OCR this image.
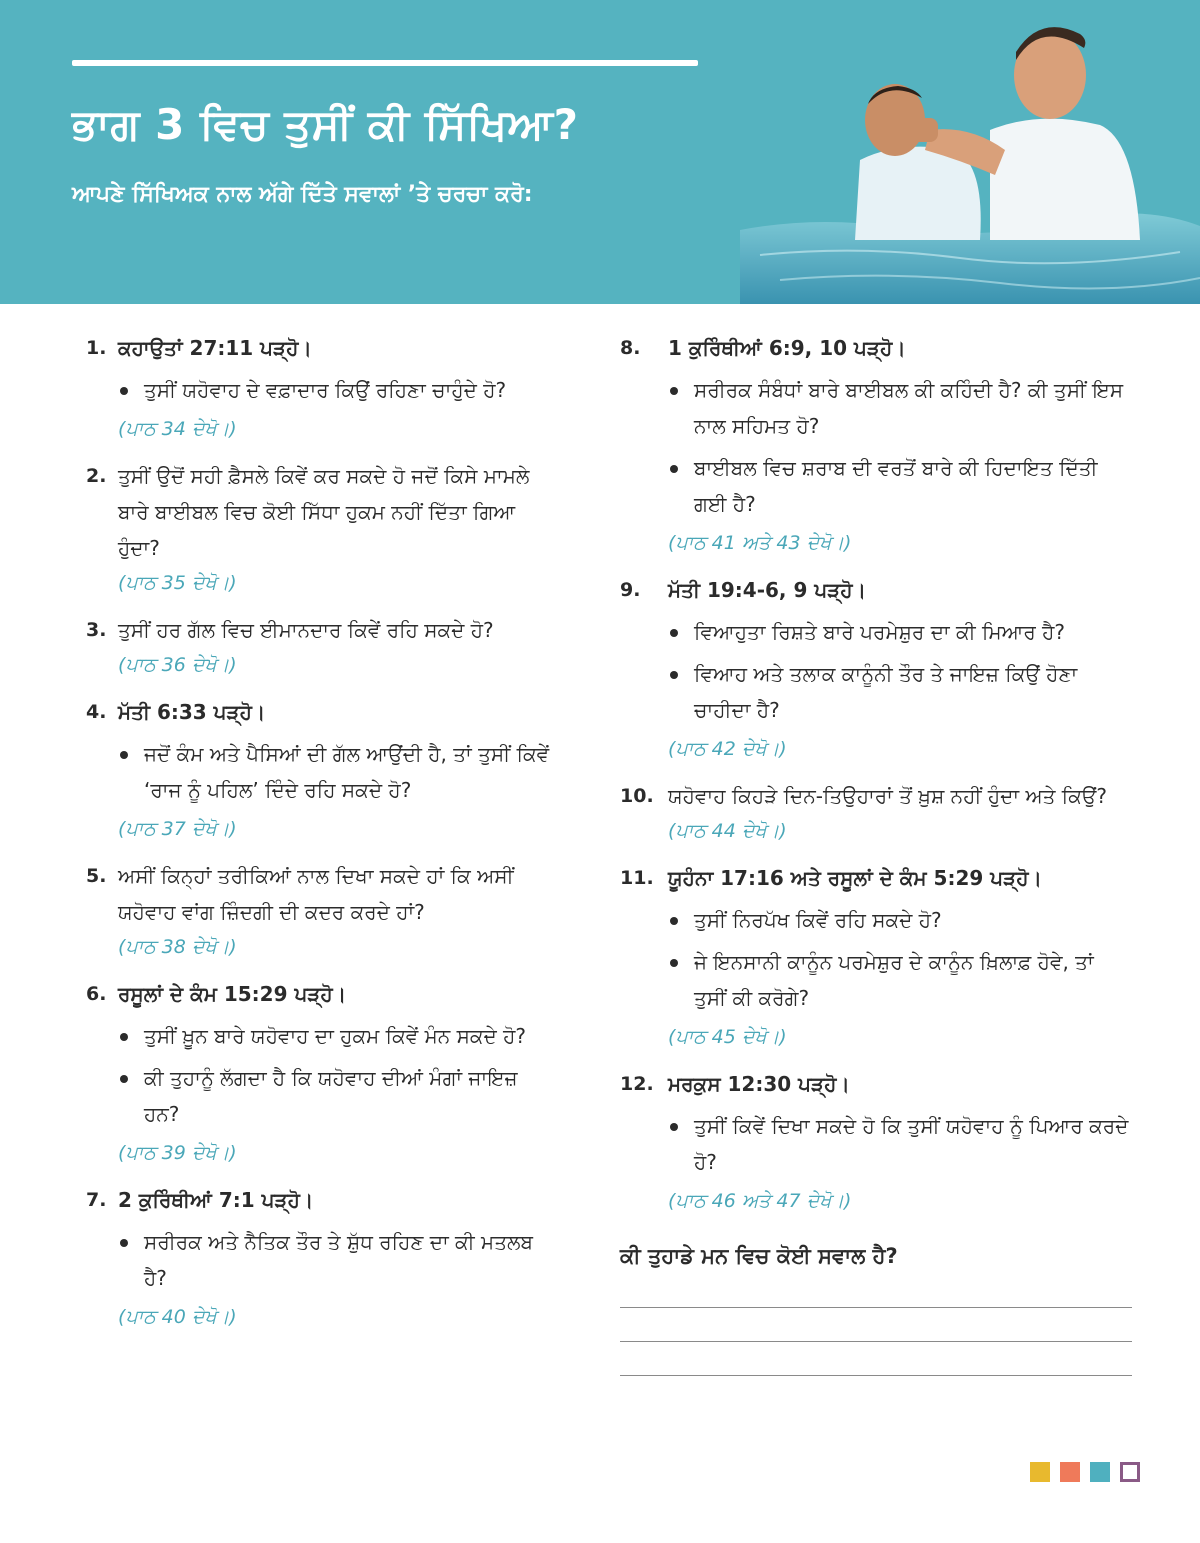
ਭਾਗ 3 ਵਿਚ ਤੁਸੀਂ ਕੀ ਸਿੱਖਿਆ?

ਆਪਣੇ ਸਿੱਖਿਅਕ ਨਾਲ ਅੱਗੇ ਦਿੱਤੇ ਸਵਾਲਾਂ ’ਤੇ ਚਰਚਾ ਕਰੋ:

1. ਕਹਾਉਤਾਂ 27:11 ਪੜ੍ਹੋ।
ਤੁਸੀਂ ਯਹੋਵਾਹ ਦੇ ਵਫ਼ਾਦਾਰ ਕਿਉਂ ਰਹਿਣਾ ਚਾਹੁੰਦੇ ਹੋ?
(ਪਾਠ 34 ਦੇਖੋ।)
2. ਤੁਸੀਂ ਉਦੋਂ ਸਹੀ ਫ਼ੈਸਲੇ ਕਿਵੇਂ ਕਰ ਸਕਦੇ ਹੋ ਜਦੋਂ ਕਿਸੇ ਮਾਮਲੇ ਬਾਰੇ ਬਾਈਬਲ ਵਿਚ ਕੋਈ ਸਿੱਧਾ ਹੁਕਮ ਨਹੀਂ ਦਿੱਤਾ ਗਿਆ ਹੁੰਦਾ?
(ਪਾਠ 35 ਦੇਖੋ।)
3. ਤੁਸੀਂ ਹਰ ਗੱਲ ਵਿਚ ਈਮਾਨਦਾਰ ਕਿਵੇਂ ਰਹਿ ਸਕਦੇ ਹੋ?
(ਪਾਠ 36 ਦੇਖੋ।)
4. ਮੱਤੀ 6:33 ਪੜ੍ਹੋ।
ਜਦੋਂ ਕੰਮ ਅਤੇ ਪੈਸਿਆਂ ਦੀ ਗੱਲ ਆਉਂਦੀ ਹੈ, ਤਾਂ ਤੁਸੀਂ ਕਿਵੇਂ ‘ਰਾਜ ਨੂੰ ਪਹਿਲ’ ਦਿੰਦੇ ਰਹਿ ਸਕਦੇ ਹੋ?
(ਪਾਠ 37 ਦੇਖੋ।)
5. ਅਸੀਂ ਕਿਨ੍ਹਾਂ ਤਰੀਕਿਆਂ ਨਾਲ ਦਿਖਾ ਸਕਦੇ ਹਾਂ ਕਿ ਅਸੀਂ ਯਹੋਵਾਹ ਵਾਂਗ ਜ਼ਿੰਦਗੀ ਦੀ ਕਦਰ ਕਰਦੇ ਹਾਂ?
(ਪਾਠ 38 ਦੇਖੋ।)
6. ਰਸੂਲਾਂ ਦੇ ਕੰਮ 15:29 ਪੜ੍ਹੋ।
ਤੁਸੀਂ ਖ਼ੂਨ ਬਾਰੇ ਯਹੋਵਾਹ ਦਾ ਹੁਕਮ ਕਿਵੇਂ ਮੰਨ ਸਕਦੇ ਹੋ?
ਕੀ ਤੁਹਾਨੂੰ ਲੱਗਦਾ ਹੈ ਕਿ ਯਹੋਵਾਹ ਦੀਆਂ ਮੰਗਾਂ ਜਾਇਜ਼ ਹਨ?
(ਪਾਠ 39 ਦੇਖੋ।)
7. 2 ਕੁਰਿੰਥੀਆਂ 7:1 ਪੜ੍ਹੋ।
ਸਰੀਰਕ ਅਤੇ ਨੈਤਿਕ ਤੌਰ ਤੇ ਸ਼ੁੱਧ ਰਹਿਣ ਦਾ ਕੀ ਮਤਲਬ ਹੈ?
(ਪਾਠ 40 ਦੇਖੋ।)
8. 1 ਕੁਰਿੰਥੀਆਂ 6:9, 10 ਪੜ੍ਹੋ।
ਸਰੀਰਕ ਸੰਬੰਧਾਂ ਬਾਰੇ ਬਾਈਬਲ ਕੀ ਕਹਿੰਦੀ ਹੈ? ਕੀ ਤੁਸੀਂ ਇਸ ਨਾਲ ਸਹਿਮਤ ਹੋ?
ਬਾਈਬਲ ਵਿਚ ਸ਼ਰਾਬ ਦੀ ਵਰਤੋਂ ਬਾਰੇ ਕੀ ਹਿਦਾਇਤ ਦਿੱਤੀ ਗਈ ਹੈ?
(ਪਾਠ 41 ਅਤੇ 43 ਦੇਖੋ।)
9. ਮੱਤੀ 19:4-6, 9 ਪੜ੍ਹੋ।
ਵਿਆਹੁਤਾ ਰਿਸ਼ਤੇ ਬਾਰੇ ਪਰਮੇਸ਼ੁਰ ਦਾ ਕੀ ਮਿਆਰ ਹੈ?
ਵਿਆਹ ਅਤੇ ਤਲਾਕ ਕਾਨੂੰਨੀ ਤੌਰ ਤੇ ਜਾਇਜ਼ ਕਿਉਂ ਹੋਣਾ ਚਾਹੀਦਾ ਹੈ?
(ਪਾਠ 42 ਦੇਖੋ।)
10. ਯਹੋਵਾਹ ਕਿਹੜੇ ਦਿਨ-ਤਿਉਹਾਰਾਂ ਤੋਂ ਖ਼ੁਸ਼ ਨਹੀਂ ਹੁੰਦਾ ਅਤੇ ਕਿਉਂ?
(ਪਾਠ 44 ਦੇਖੋ।)
11. ਯੂਹੰਨਾ 17:16 ਅਤੇ ਰਸੂਲਾਂ ਦੇ ਕੰਮ 5:29 ਪੜ੍ਹੋ।
ਤੁਸੀਂ ਨਿਰਪੱਖ ਕਿਵੇਂ ਰਹਿ ਸਕਦੇ ਹੋ?
ਜੇ ਇਨਸਾਨੀ ਕਾਨੂੰਨ ਪਰਮੇਸ਼ੁਰ ਦੇ ਕਾਨੂੰਨ ਖ਼ਿਲਾਫ਼ ਹੋਵੇ, ਤਾਂ ਤੁਸੀਂ ਕੀ ਕਰੋਗੇ?
(ਪਾਠ 45 ਦੇਖੋ।)
12. ਮਰਕੁਸ 12:30 ਪੜ੍ਹੋ।
ਤੁਸੀਂ ਕਿਵੇਂ ਦਿਖਾ ਸਕਦੇ ਹੋ ਕਿ ਤੁਸੀਂ ਯਹੋਵਾਹ ਨੂੰ ਪਿਆਰ ਕਰਦੇ ਹੋ?
(ਪਾਠ 46 ਅਤੇ 47 ਦੇਖੋ।)

ਕੀ ਤੁਹਾਡੇ ਮਨ ਵਿਚ ਕੋਈ ਸਵਾਲ ਹੈ?
